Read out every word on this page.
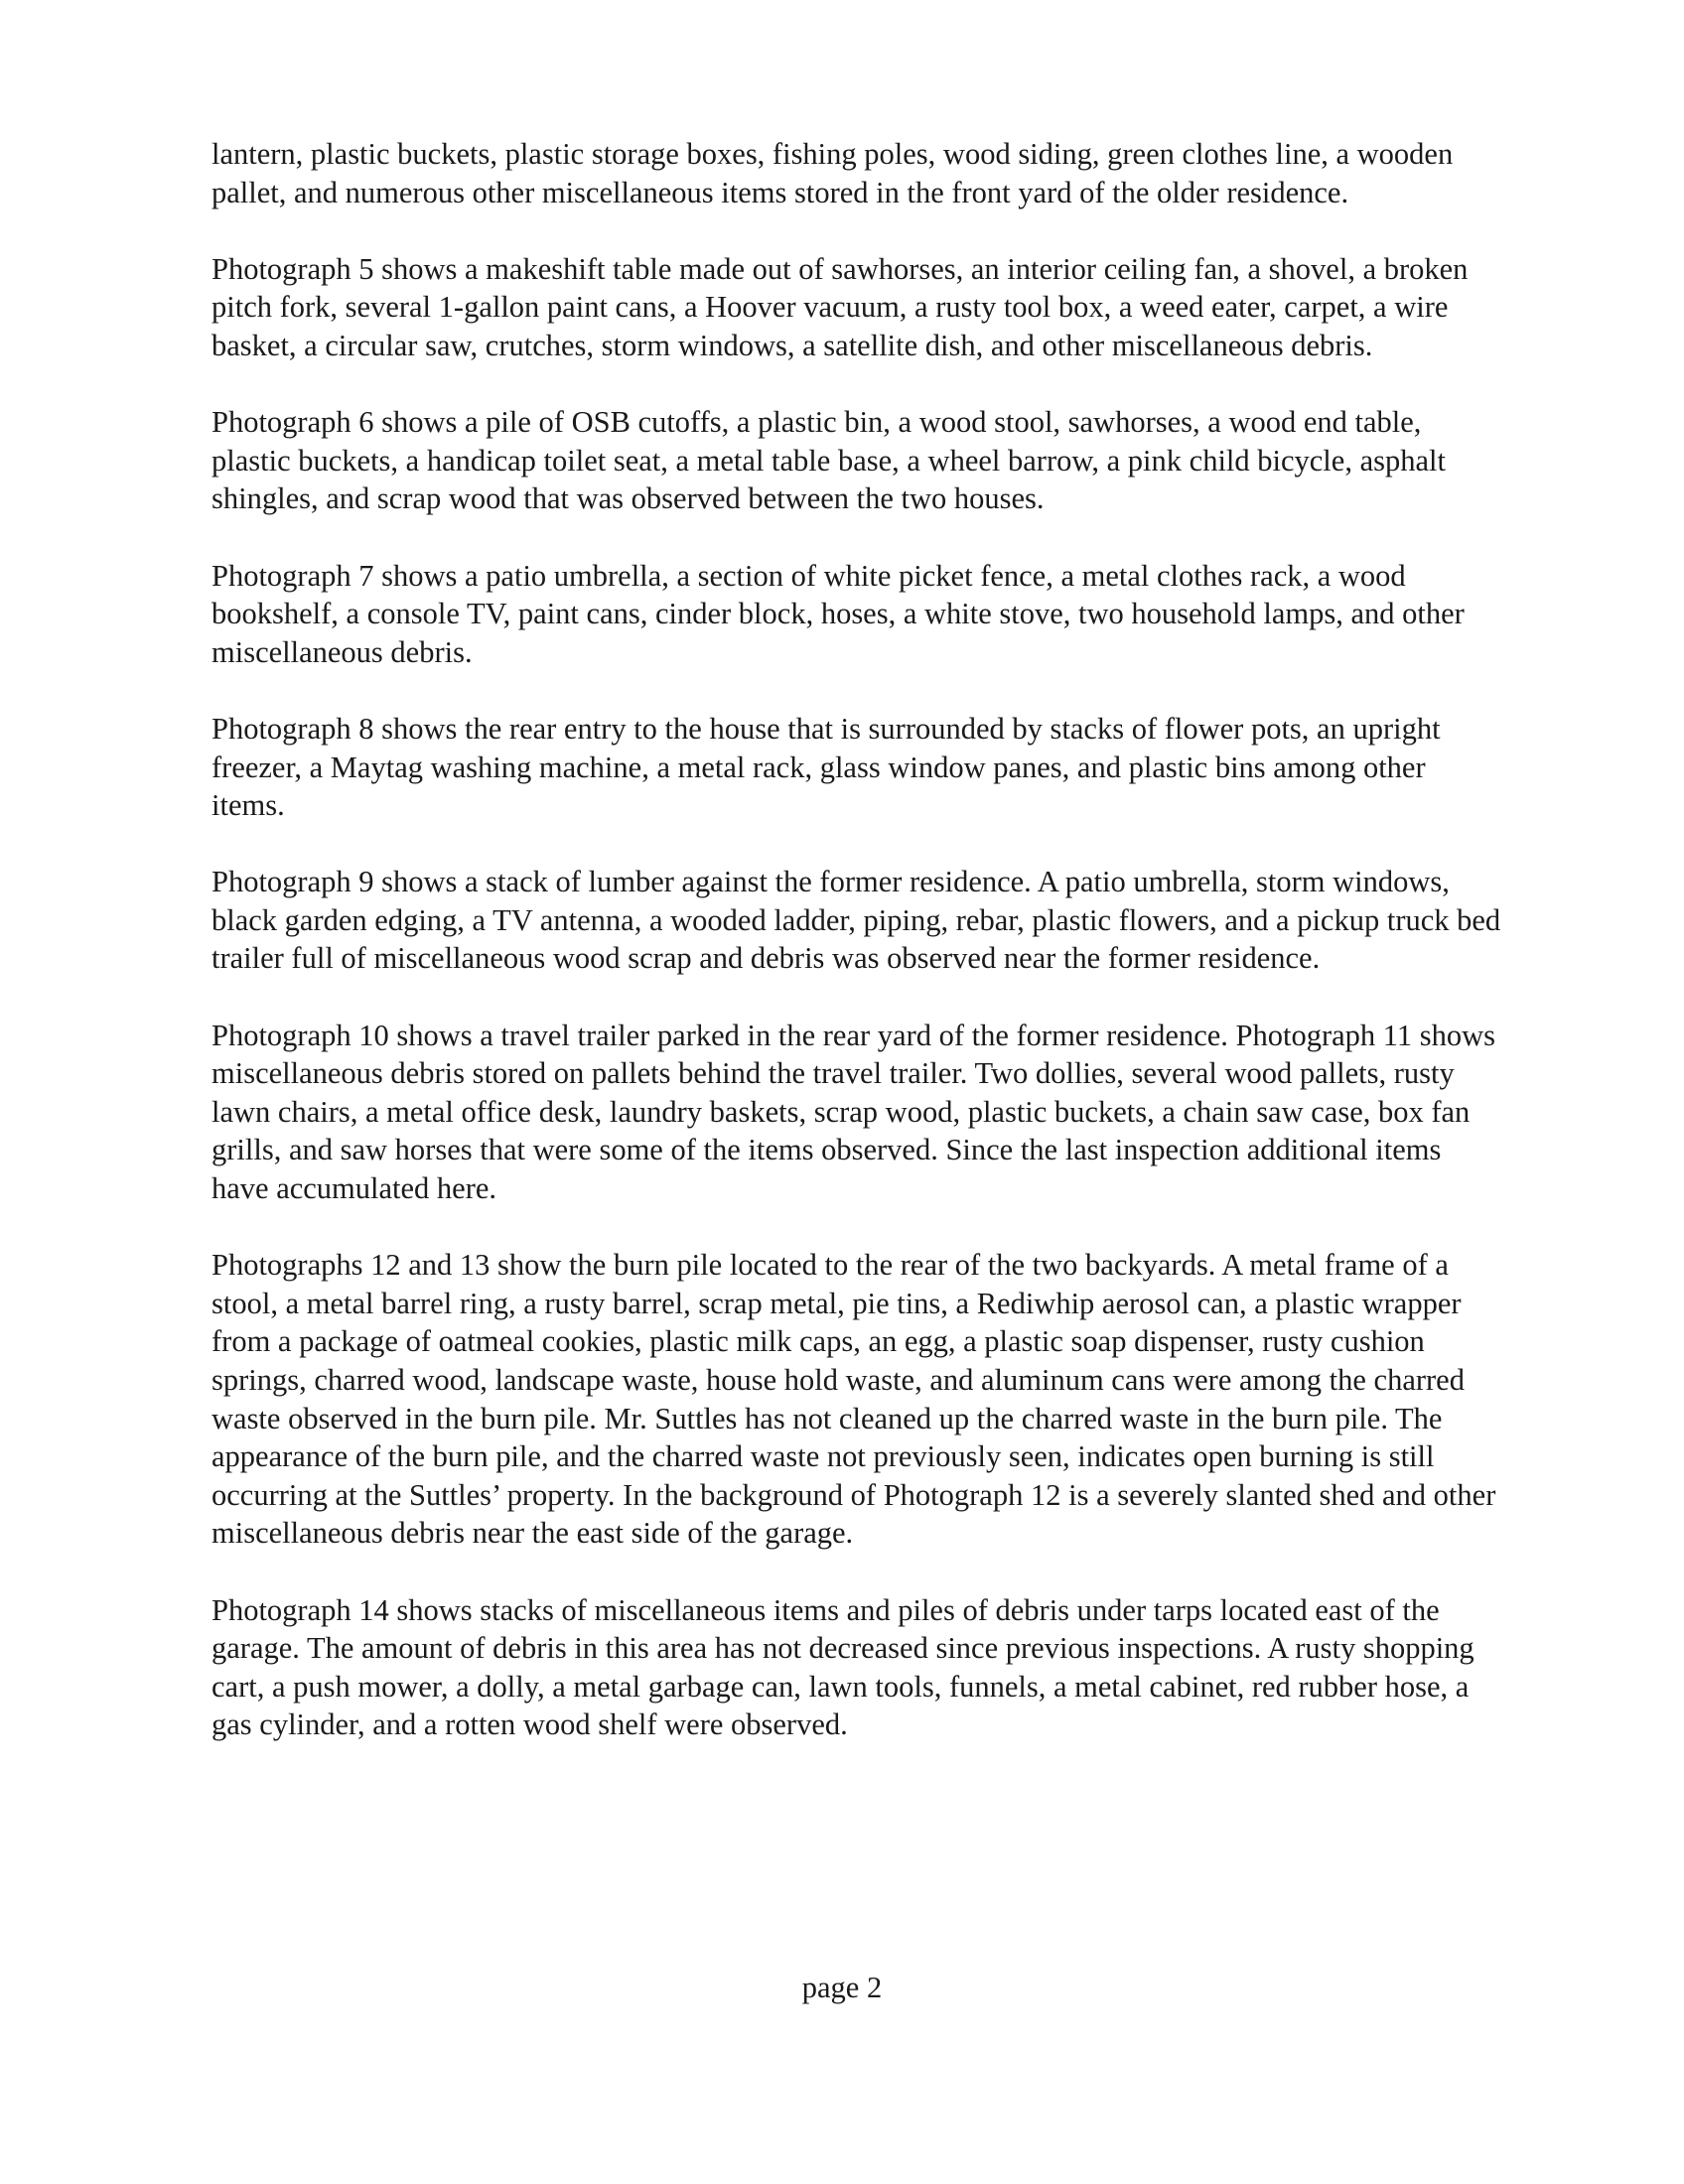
lantern, plastic buckets, plastic storage boxes, fishing poles, wood siding, green clothes line, a wooden pallet, and numerous other miscellaneous items stored in the front yard of the older residence.

Photograph 5 shows a makeshift table made out of sawhorses, an interior ceiling fan, a shovel, a broken pitch fork, several 1-gallon paint cans, a Hoover vacuum, a rusty tool box, a weed eater, carpet, a wire basket, a circular saw, crutches, storm windows, a satellite dish, and other miscellaneous debris.

Photograph 6 shows a pile of OSB cutoffs, a plastic bin, a wood stool, sawhorses, a wood end table, plastic buckets, a handicap toilet seat, a metal table base, a wheel barrow, a pink child bicycle, asphalt shingles, and scrap wood that was observed between the two houses.

Photograph 7 shows a patio umbrella, a section of white picket fence, a metal clothes rack, a wood bookshelf, a console TV, paint cans, cinder block, hoses, a white stove, two household lamps, and other miscellaneous debris.

Photograph 8 shows the rear entry to the house that is surrounded by stacks of flower pots, an upright freezer, a Maytag washing machine, a metal rack, glass window panes, and plastic bins among other items.

Photograph 9 shows a stack of lumber against the former residence. A patio umbrella, storm windows, black garden edging, a TV antenna, a wooded ladder, piping, rebar, plastic flowers, and a pickup truck bed trailer full of miscellaneous wood scrap and debris was observed near the former residence.

Photograph 10 shows a travel trailer parked in the rear yard of the former residence. Photograph 11 shows miscellaneous debris stored on pallets behind the travel trailer. Two dollies, several wood pallets, rusty lawn chairs, a metal office desk, laundry baskets, scrap wood, plastic buckets, a chain saw case, box fan grills, and saw horses that were some of the items observed. Since the last inspection additional items have accumulated here.

Photographs 12 and 13 show the burn pile located to the rear of the two backyards. A metal frame of a stool, a metal barrel ring, a rusty barrel, scrap metal, pie tins, a Rediwhip aerosol can, a plastic wrapper from a package of oatmeal cookies, plastic milk caps, an egg, a plastic soap dispenser, rusty cushion springs, charred wood, landscape waste, house hold waste, and aluminum cans were among the charred waste observed in the burn pile. Mr. Suttles has not cleaned up the charred waste in the burn pile. The appearance of the burn pile, and the charred waste not previously seen, indicates open burning is still occurring at the Suttles’ property. In the background of Photograph 12 is a severely slanted shed and other miscellaneous debris near the east side of the garage.

Photograph 14 shows stacks of miscellaneous items and piles of debris under tarps located east of the garage. The amount of debris in this area has not decreased since previous inspections. A rusty shopping cart, a push mower, a dolly, a metal garbage can, lawn tools, funnels, a metal cabinet, red rubber hose, a gas cylinder, and a rotten wood shelf were observed.

page 2
